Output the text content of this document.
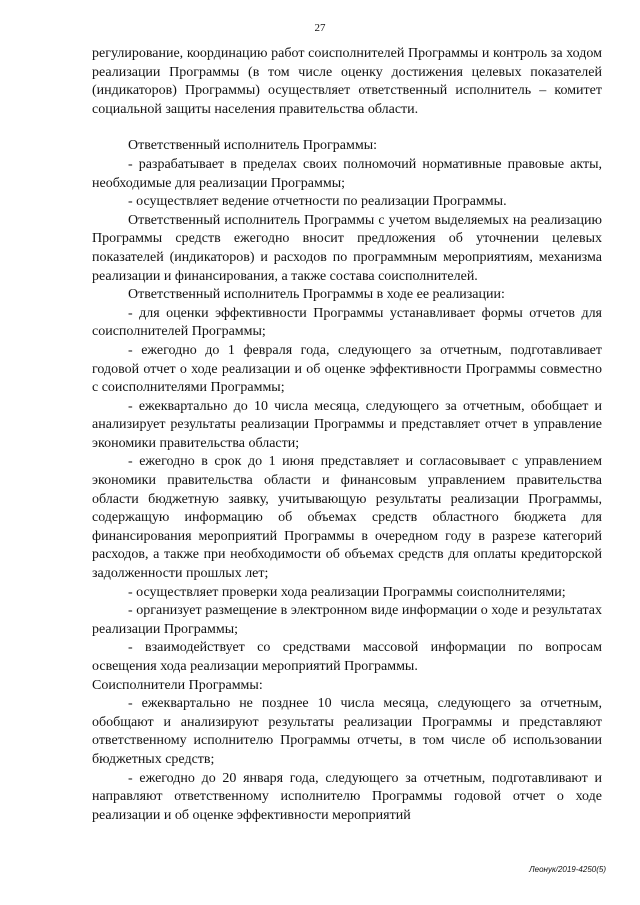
27

регулирование, координацию работ соисполнителей Программы и контроль за ходом реализации Программы (в том числе оценку достижения целевых показателей (индикаторов) Программы) осуществляет ответственный исполнитель – комитет социальной защиты населения правительства области.

Ответственный исполнитель Программы:

- разрабатывает в пределах своих полномочий нормативные правовые акты, необходимые для реализации Программы;

- осуществляет ведение отчетности по реализации Программы.

Ответственный исполнитель Программы с учетом выделяемых на реализацию Программы средств ежегодно вносит предложения об уточнении целевых показателей (индикаторов) и расходов по программным мероприятиям, механизма реализации и финансирования, а также состава соисполнителей.

Ответственный исполнитель Программы в ходе ее реализации:

- для оценки эффективности Программы устанавливает формы отчетов для соисполнителей Программы;

- ежегодно до 1 февраля года, следующего за отчетным, подготавливает годовой отчет о ходе реализации и об оценке эффективности Программы совместно с соисполнителями Программы;

- ежеквартально до 10 числа месяца, следующего за отчетным, обобщает и анализирует результаты реализации Программы и представляет отчет в управление экономики правительства области;

- ежегодно в срок до 1 июня представляет и согласовывает с управлением экономики правительства области и финансовым управлением правительства области бюджетную заявку, учитывающую результаты реализации Программы, содержащую информацию об объемах средств областного бюджета для финансирования мероприятий Программы в очередном году в разрезе категорий расходов, а также при необходимости об объемах средств для оплаты кредиторской задолженности прошлых лет;

- осуществляет проверки хода реализации Программы соисполнителями;

- организует размещение в электронном виде информации о ходе и результатах реализации Программы;

- взаимодействует со средствами массовой информации по вопросам освещения хода реализации мероприятий Программы.

Соисполнители Программы:

- ежеквартально не позднее 10 числа месяца, следующего за отчетным, обобщают и анализируют результаты реализации Программы и представляют ответственному исполнителю Программы отчеты, в том числе об использовании бюджетных средств;

- ежегодно до 20 января года, следующего за отчетным, подготавливают и направляют ответственному исполнителю Программы годовой отчет о ходе реализации и об оценке эффективности мероприятий

Леонук/2019-4250(5)
